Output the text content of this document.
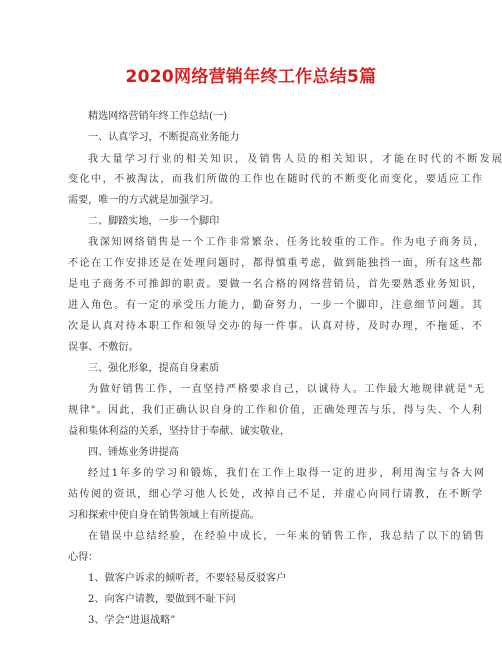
2020网络营销年终工作总结5篇
精选网络营销年终工作总结(一)
一、认真学习，不断提高业务能力
我大量学习行业的相关知识，及销售人员的相关知识，才能在时代的不断发展
变化中，不被淘汰，而我们所做的工作也在随时代的不断变化而变化，要适应工作
需要，唯一的方式就是加强学习。
二、脚踏实地，一步一个脚印
我深知网络销售是一个工作非常繁杂、任务比较重的工作。作为电子商务员，
不论在工作安排还是在处理问题时，都得慎重考虑，做到能独挡一面，所有这些都
是电子商务不可推卸的职责。要做一名合格的网络营销员，首先要熟悉业务知识，
进入角色。有一定的承受压力能力，勤奋努力，一步一个脚印，注意细节问题。其
次是认真对待本职工作和领导交办的每一件事。认真对待，及时办理，不拖延、不
误事、不敷衍。
三、强化形象，提高自身素质
为做好销售工作，一直坚持严格要求自己，以诚待人。工作最大地规律就是"无
规律"。因此，我们正确认识自身的工作和价值，正确处理苦与乐，得与失、个人利
益和集体利益的关系，坚持甘于奉献、诚实敬业，
四、锤炼业务讲提高
经过1年多的学习和锻炼，我们在工作上取得一定的进步，利用淘宝与各大网
站传阅的资讯，细心学习他人长处，改掉自己不足，并虚心向同行请教，在不断学
习和探索中使自身在销售领域上有所提高。
在错误中总结经验，在经验中成长，一年来的销售工作，我总结了以下的销售
心得：
1、做客户诉求的倾听者，不要轻易反驳客户
2、向客户请教，要做到不耻下问
3、学会“进退战略”
